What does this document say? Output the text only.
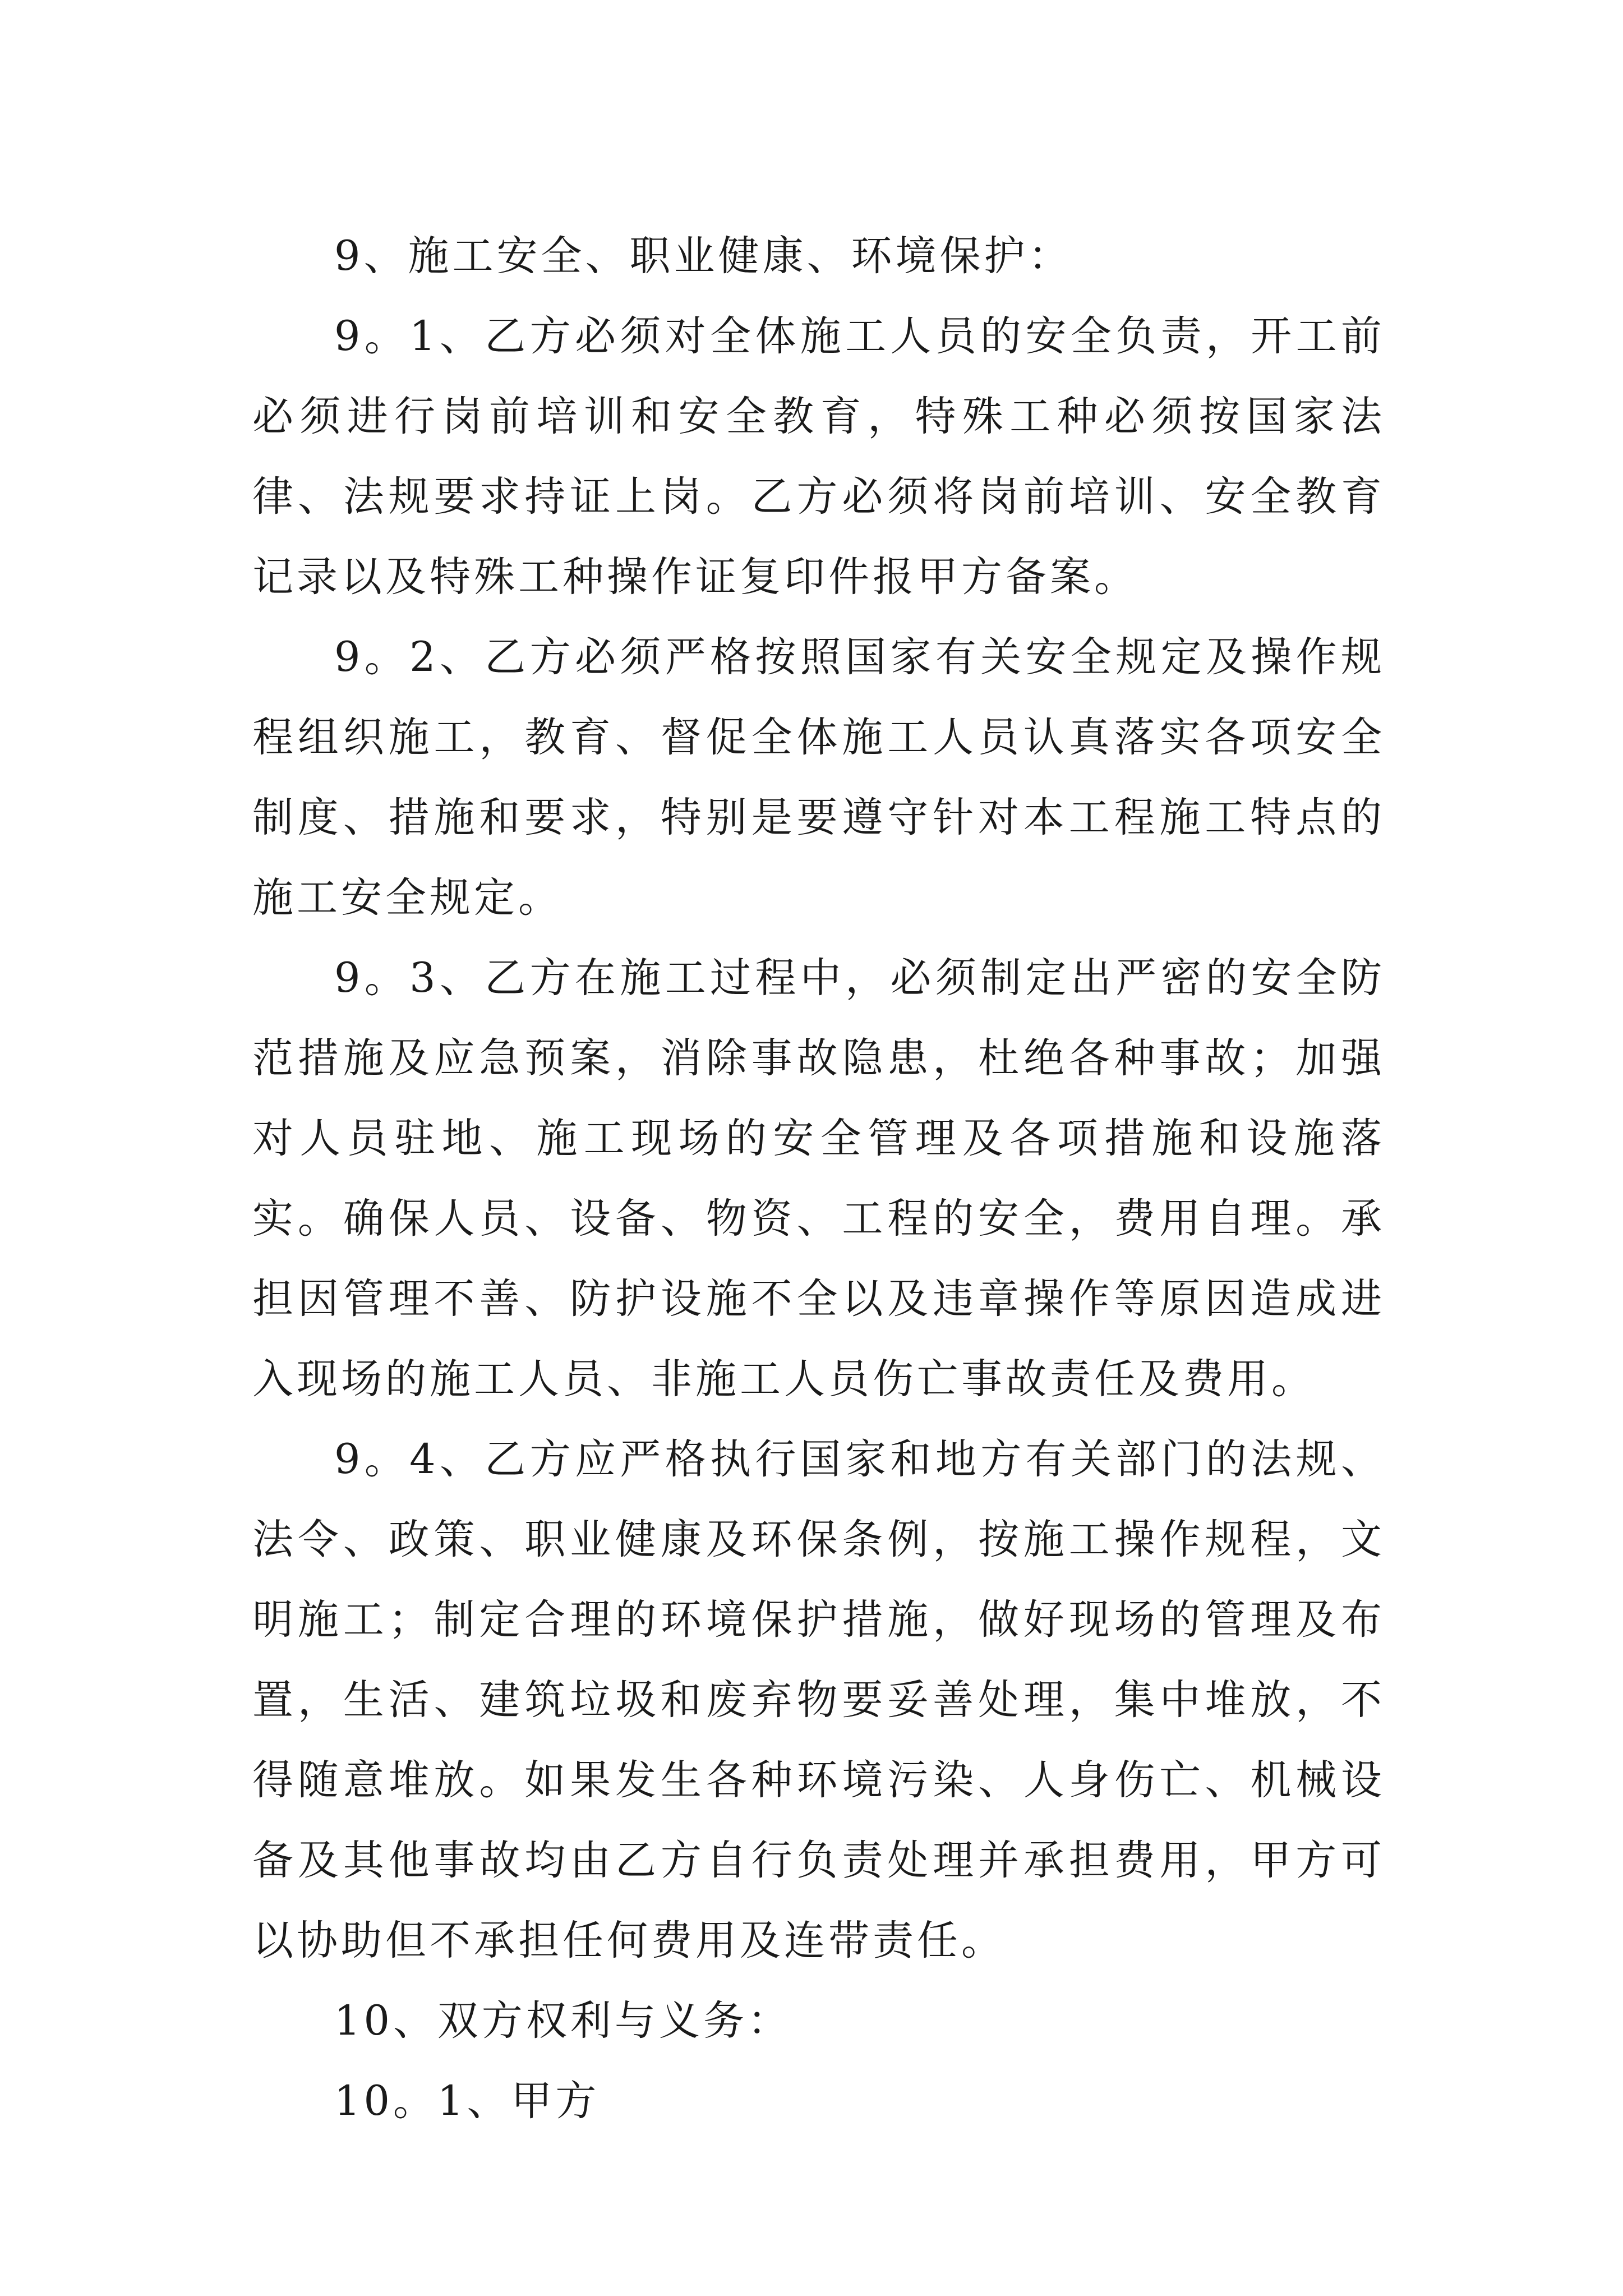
9、施工安全、职业健康、环境保护：

9。1、乙方必须对全体施工人员的安全负责，开工前必须进行岗前培训和安全教育，特殊工种必须按国家法律、法规要求持证上岗。乙方必须将岗前培训、安全教育记录以及特殊工种操作证复印件报甲方备案。

9。2、乙方必须严格按照国家有关安全规定及操作规程组织施工，教育、督促全体施工人员认真落实各项安全制度、措施和要求，特别是要遵守针对本工程施工特点的施工安全规定。

9。3、乙方在施工过程中，必须制定出严密的安全防范措施及应急预案，消除事故隐患，杜绝各种事故；加强对人员驻地、施工现场的安全管理及各项措施和设施落实。确保人员、设备、物资、工程的安全，费用自理。承担因管理不善、防护设施不全以及违章操作等原因造成进入现场的施工人员、非施工人员伤亡事故责任及费用。

9。4、乙方应严格执行国家和地方有关部门的法规、法令、政策、职业健康及环保条例，按施工操作规程，文明施工；制定合理的环境保护措施，做好现场的管理及布置，生活、建筑垃圾和废弃物要妥善处理，集中堆放，不得随意堆放。如果发生各种环境污染、人身伤亡、机械设备及其他事故均由乙方自行负责处理并承担费用，甲方可以协助但不承担任何费用及连带责任。

10、双方权利与义务：

10。1、甲方
